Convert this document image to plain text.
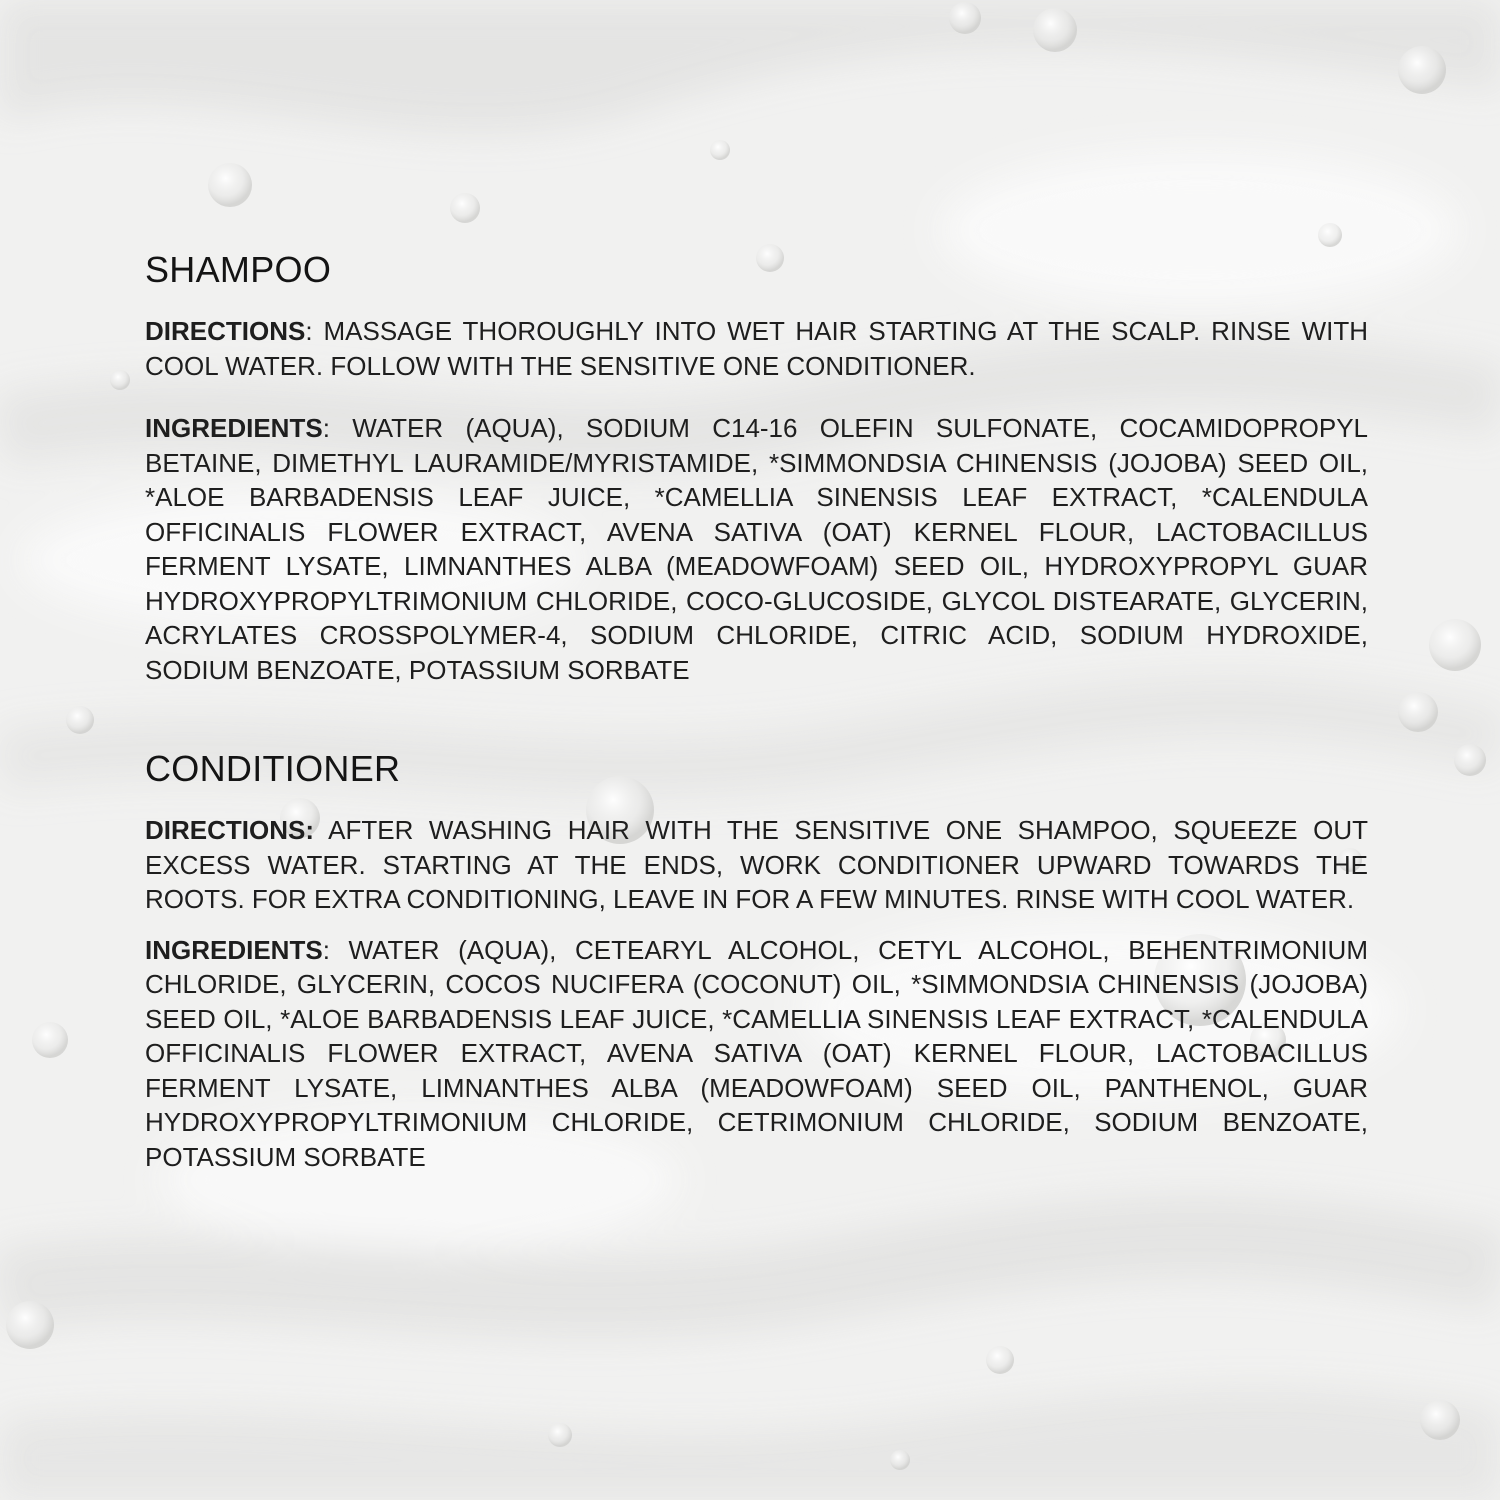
SHAMPOO

DIRECTIONS: MASSAGE THOROUGHLY INTO WET HAIR STARTING AT THE SCALP. RINSE WITH COOL WATER. FOLLOW WITH THE SENSITIVE ONE CONDITIONER.

INGREDIENTS: WATER (AQUA), SODIUM C14-16 OLEFIN SULFONATE, COCAMIDOPROPYL BETAINE, DIMETHYL LAURAMIDE/MYRISTAMIDE, *SIMMONDSIA CHINENSIS (JOJOBA) SEED OIL, *ALOE BARBADENSIS LEAF JUICE, *CAMELLIA SINENSIS LEAF EXTRACT, *CALENDULA OFFICINALIS FLOWER EXTRACT, AVENA SATIVA (OAT) KERNEL FLOUR, LACTOBACILLUS FERMENT LYSATE, LIMNANTHES ALBA (MEADOWFOAM) SEED OIL, HYDROXYPROPYL GUAR HYDROXYPROPYLTRIMONIUM CHLORIDE, COCO-GLUCOSIDE, GLYCOL DISTEARATE, GLYCERIN, ACRYLATES CROSSPOLYMER-4, SODIUM CHLORIDE, CITRIC ACID, SODIUM HYDROXIDE, SODIUM BENZOATE, POTASSIUM SORBATE

CONDITIONER

DIRECTIONS: AFTER WASHING HAIR WITH THE SENSITIVE ONE SHAMPOO, SQUEEZE OUT EXCESS WATER. STARTING AT THE ENDS, WORK CONDITIONER UPWARD TOWARDS THE ROOTS. FOR EXTRA CONDITIONING, LEAVE IN FOR A FEW MINUTES. RINSE WITH COOL WATER.

INGREDIENTS: WATER (AQUA), CETEARYL ALCOHOL, CETYL ALCOHOL, BEHENTRIMONIUM CHLORIDE, GLYCERIN, COCOS NUCIFERA (COCONUT) OIL, *SIMMONDSIA CHINENSIS (JOJOBA) SEED OIL, *ALOE BARBADENSIS LEAF JUICE, *CAMELLIA SINENSIS LEAF EXTRACT, *CALENDULA OFFICINALIS FLOWER EXTRACT, AVENA SATIVA (OAT) KERNEL FLOUR, LACTOBACILLUS FERMENT LYSATE, LIMNANTHES ALBA (MEADOWFOAM) SEED OIL, PANTHENOL, GUAR HYDROXYPROPYLTRIMONIUM CHLORIDE, CETRIMONIUM CHLORIDE, SODIUM BENZOATE, POTASSIUM SORBATE
